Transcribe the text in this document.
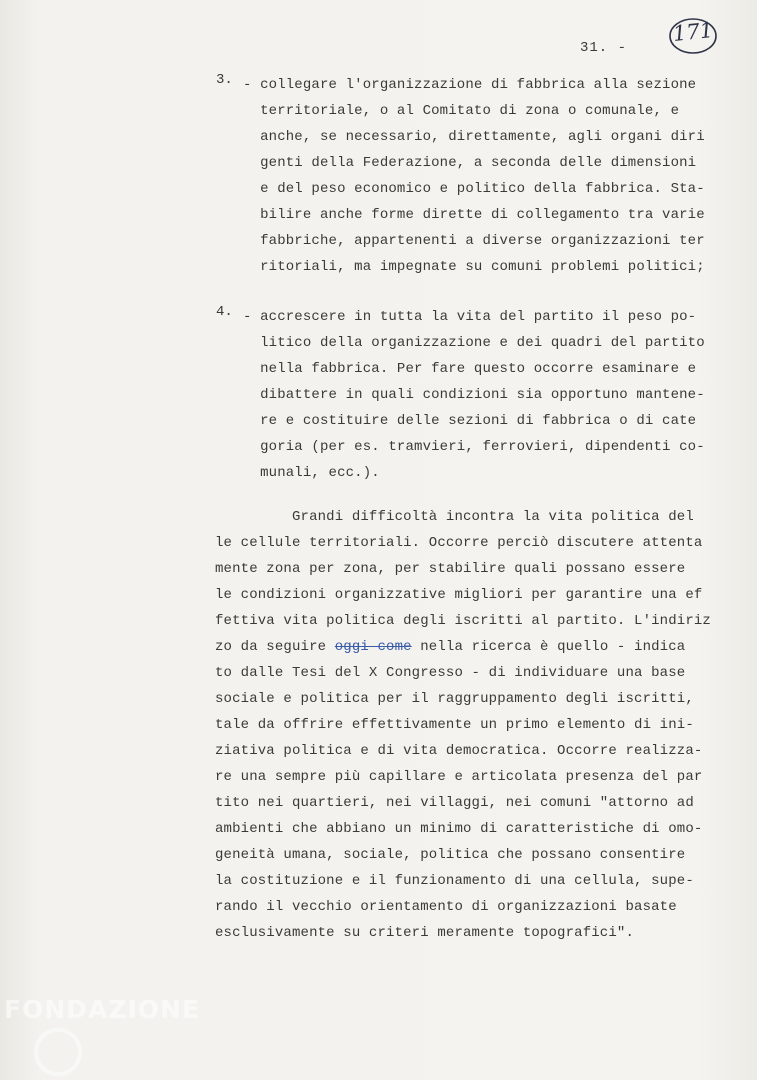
31. -
171
3. - collegare l'organizzazione di fabbrica alla sezione
territoriale, o al Comitato di zona o comunale, e
anche, se necessario, direttamente, agli organi diri
genti della Federazione, a seconda delle dimensioni
e del peso economico e politico della fabbrica. Sta-
bilire anche forme dirette di collegamento tra varie
fabbriche, appartenenti a diverse organizzazioni ter
ritoriali, ma impegnate su comuni problemi politici;
4. - accrescere in tutta la vita del partito il peso po-
litico della organizzazione e dei quadri del partito
nella fabbrica. Per fare questo occorre esaminare e
dibattere in quali condizioni sia opportuno mantene-
re e costituire delle sezioni di fabbrica o di cate
goria (per es. tramvieri, ferrovieri, dipendenti co-
munali, ecc.).
Grandi difficoltà incontra la vita politica del
le cellule territoriali. Occorre perciò discutere attenta
mente zona per zona, per stabilire quali possano essere
le condizioni organizzative migliori per garantire una ef
fettiva vita politica degli iscritti al partito. L'indiriz
zo da seguire oggi come nella ricerca è quello - indica
to dalle Tesi del X Congresso - di individuare una base
sociale e politica per il raggruppamento degli iscritti,
tale da offrire effettivamente un primo elemento di ini-
ziativa politica e di vita democratica. Occorre realizza-
re una sempre più capillare e articolata presenza del par
tito nei quartieri, nei villaggi, nei comuni "attorno ad
ambienti che abbiano un minimo di caratteristiche di omo-
geneità umana, sociale, politica che possano consentire
la costituzione e il funzionamento di una cellula, supe-
rando il vecchio orientamento di organizzazioni basate
esclusivamente su criteri meramente topografici".
FONDAZIONE
